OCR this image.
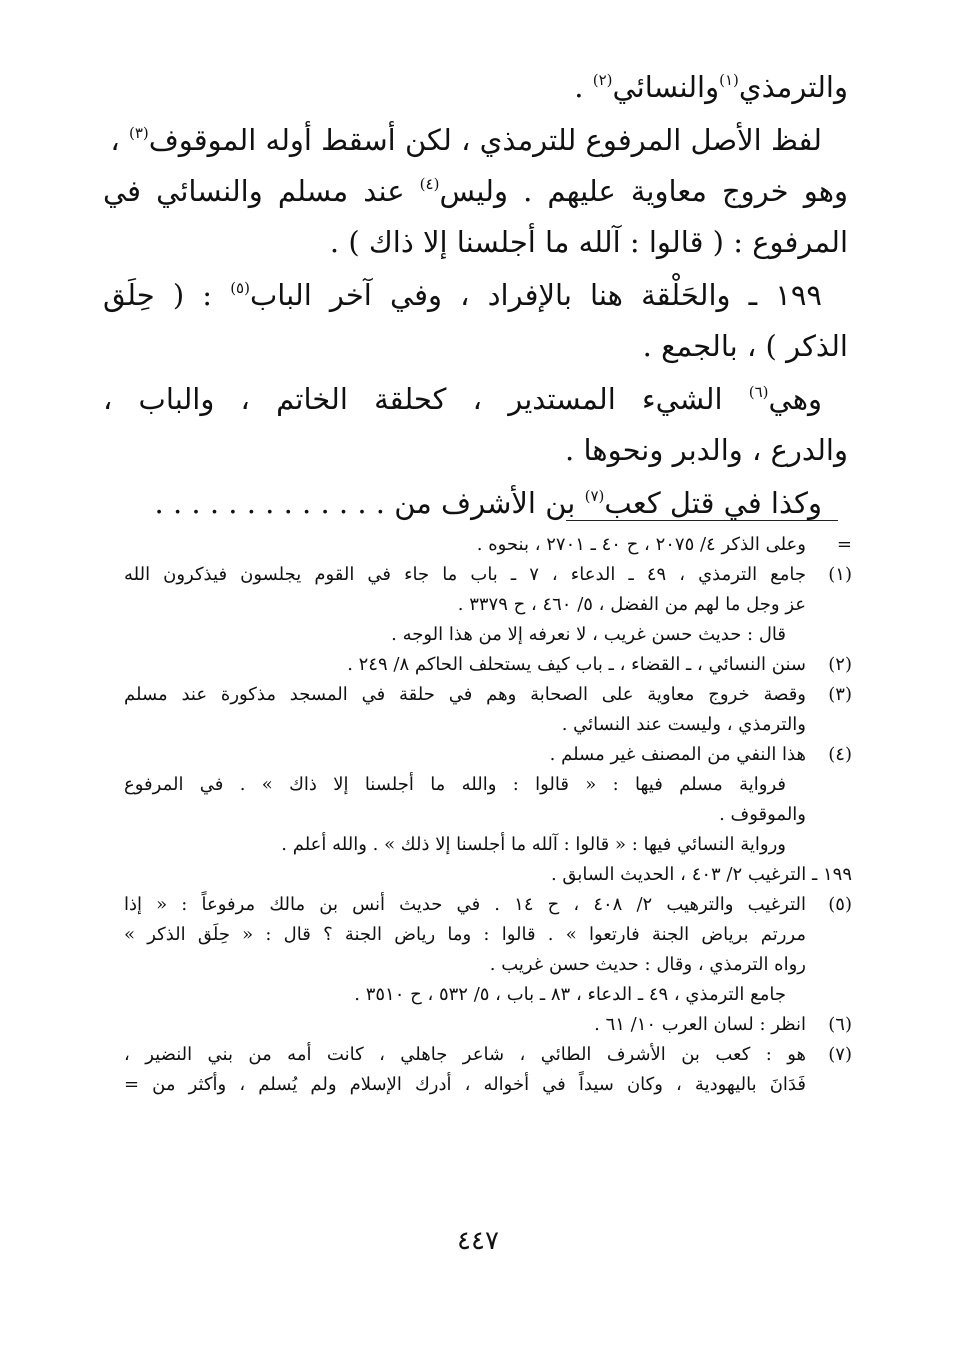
والترمذي$^{(١)}$والنسائي$^{(٢)}$ .
لفظ الأصل المرفوع للترمذي ، لكن أسقط أوله الموقوف$^{(٣)}$ ،
وهو خروج معاوية عليهم . وليس$^{(٤)}$ عند مسلم والنسائي في
المرفوع : ( قالوا : آلله ما أجلسنا إلا ذاك ) .
١٩٩ ـ والحَلْقة هنا بالإفراد ، وفي آخر الباب$^{(٥)}$ : ( حِلَق
الذكر ) ، بالجمع .
وهي$^{(٦)}$ الشيء المستدير ، كحلقة الخاتم ، والباب ،
والدرع ، والدبر ونحوها .
وكذا في قتل كعب$^{(٧)}$ بن الأشرف من . . . . . . . . . . . . .
=
وعلى الذكر ٤/ ٢٠٧٥ ، ح ٤٠ ـ ٢٧٠١ ، بنحوه .
(١)
جامع الترمذي ، ٤٩ ـ الدعاء ، ٧ ـ باب ما جاء في القوم يجلسون فيذكرون الله
عز وجل ما لهم من الفضل ، ٥/ ٤٦٠ ، ح ٣٣٧٩ .
قال : حديث حسن غريب ، لا نعرفه إلا من هذا الوجه .
(٢)
سنن النسائي ، ـ القضاء ، ـ باب كيف يستحلف الحاكم ٨/ ٢٤٩ .
(٣)
وقصة خروج معاوية على الصحابة وهم في حلقة في المسجد مذكورة عند مسلم
والترمذي ، وليست عند النسائي .
(٤)
هذا النفي من المصنف غير مسلم .
فرواية مسلم فيها : « قالوا : والله ما أجلسنا إلا ذاك » . في المرفوع
والموقوف .
ورواية النسائي فيها : « قالوا : آلله ما أجلسنا إلا ذلك » . والله أعلم .
١٩٩ ـ الترغيب ٢/ ٤٠٣ ، الحديث السابق .
(٥)
الترغيب والترهيب ٢/ ٤٠٨ ، ح ١٤ . في حديث أنس بن مالك مرفوعاً : « إذا
مررتم برياض الجنة فارتعوا » . قالوا : وما رياض الجنة ؟ قال : « حِلَق الذكر »
رواه الترمذي ، وقال : حديث حسن غريب .
جامع الترمذي ، ٤٩ ـ الدعاء ، ٨٣ ـ باب ، ٥/ ٥٣٢ ، ح ٣٥١٠ .
(٦)
انظر : لسان العرب ١٠/ ٦١ .
(٧)
هو : كعب بن الأشرف الطائي ، شاعر جاهلي ، كانت أمه من بني النضير ،
فَدَانَ باليهودية ، وكان سيداً في أخواله ، أدرك الإسلام ولم يُسلم ، وأكثر من =
٤٤٧
